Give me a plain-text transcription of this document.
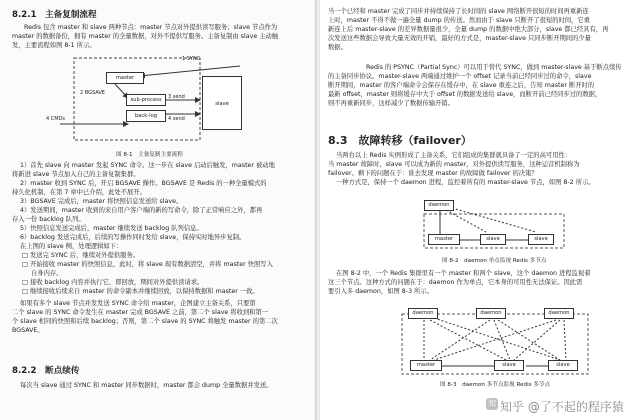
8.2.1　主备复制流程
Redis 包含 master 和 slave 两种节点：master 节点对外提供读写服务；slave 节点作为
master 的数据备份，拥有 master 的全量数据，对外不提供写服务。主备复制由 slave 主动触
发，主要流程如图 8-1 所示。
master
sub-process
back-log
slave
1 SYNC
2 BGSAVE
3 send
4 send
4 CMDs
图 8-1　主备复制主要流程
1）首先 slave 向 master 发起 SYNC 命令。这一步在 slave 启动后触发，master 被动地
将新进 slave 节点加入自己的主备复制集群。
2）master 收到 SYNC 后，开启 BGSAVE 操作。BGSAVE 是 Redis 的一种全量模式的
持久化机制，在第 7 章中已介绍，此处不展开。
3）BGSAVE 完成后，master 将快照信息发送给 slave。
4）发送期间，master 收到的来自用户客户端的新的写命令，除了正常响应之外，都再
存入一份 backlog 队列。
5）快照信息发送完成后，master 继续发送 backlog 队列信息。
6）backlog 发送完成后，后续的写操作同时发给 slave，保持实时地异步复制。
在上图的 slave 侧，处理逻辑如下：
□ 发送完 SYNC 后，继续对外提供服务。
□ 开始接收 master 的快照信息，此时，将 slave 现有数据清空，并将 master 快照写入
自身内存。
□ 接收 backlog 内容并执行它，即回放，期间对外提供读请求。
□ 继续接收后续来自 master 的命令副本并继续回放，以保持数据和 master 一致。
如果有多个 slave 节点并发发送 SYNC 命令给 master，企图建立主备关系，只要第
二个 slave 的 SYNC 命令发生在 master 完成 BGSAVE 之前，第二个 slave 将收到和第一
个 slave 相同的快照和后续 backlog；否则，第二个 slave 的 SYNC 将触发 master 的第二次
BGSAVE。
8.2.2　断点续传
每次当 slave 通过 SYNC 和 master 同步数据时，master 都会 dump 全量数据并发送。
当一个已经和 master 完成了同步并持续保持了长时间的 slave 网络断开很短的时间再重新连
上时，master 不得不做一遍全量 dump 的传送。然而由于 slave 只断开了很短的时间，它重
新连上后 master-slave 的差异数据量很少，全量 dump 的数据中绝大部分，slave 都已经具有，再
次发送这些数据会导致大量无效的开销，最好的方式是，master-slave 只同步断开期间的少量
数据。
Redis 的 PSYNC（Partial Sync）可以用于替代 SYNC，做到 master-slave 基于断点续传
的主备同步协议。master-slave 两端通过维护一个 offset 记录当前已经同步过的命令，slave
断开期间，master 的客户端命令会保存在缓存中，在 slave 重连之后，告知 master 断开时的
最新 offset，master 则将缓存中大于 offset 的数据发送给 slave，而断开前已经同步过的数据，
则不再重新同步，这样减少了数据传输开销。
8.3　故障转移（failover）
当两台以上 Redis 实例形成了主备关系，它们组成的集群就具备了一定的高可用性：
当 master 故障时，slave 可以成为新的 master，对外提供读写服务，这种运营机制称为
failover。剩下的问题在于：谁去发现 master 的故障做 failover 的决策？
一种方式是，保持一个 daemon 进程，监控着所有的 master-slave 节点，如图 8-2 所示。
daemon
master	slave	slave
图 8-2　daemon 单点监视 Redis 多节点
在图 8-2 中，一个 Redis 集群里有一个 master 和两个 slave，这个 daemon 进程监视着
这三个节点。这种方式的问题在于：daemon 作为单点，它本身的可用性无法保证。因此需
要引入多 daemon，如图 8-3 所示。
daemon	daemon	daemon
master	slave	slave
图 8-3　daemon 多节点监视 Redis 多节点
知 知乎 @了不起的程序猿
